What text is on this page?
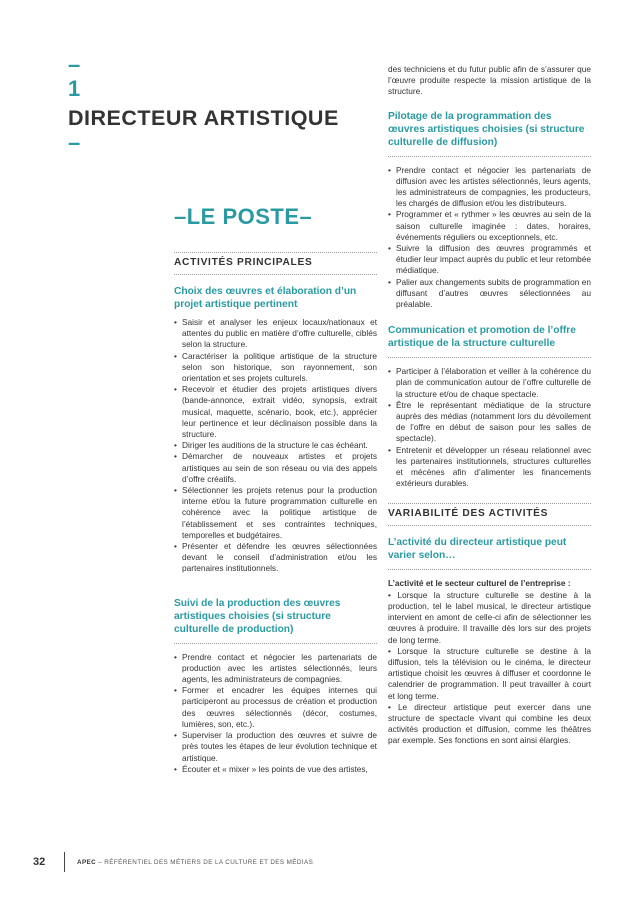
–
1
DIRECTEUR ARTISTIQUE
–
–LE POSTE–
ACTIVITÉS PRINCIPALES
Choix des œuvres et élaboration d’un projet artistique pertinent
• Saisir et analyser les enjeux locaux/nationaux et attentes du public en matière d’offre culturelle, ciblés selon la structure.
• Caractériser la politique artistique de la structure selon son historique, son rayonnement, son orientation et ses projets culturels.
• Recevoir et étudier des projets artistiques divers (bande-annonce, extrait vidéo, synopsis, extrait musical, maquette, scénario, book, etc.), apprécier leur pertinence et leur déclinaison possible dans la structure.
• Diriger les auditions de la structure le cas échéant.
• Démarcher de nouveaux artistes et projets artistiques au sein de son réseau ou via des appels d’offre créatifs.
• Sélectionner les projets retenus pour la production interne et/ou la future programmation culturelle en cohérence avec la politique artistique de l’établissement et ses contraintes techniques, temporelles et budgétaires.
• Présenter et défendre les œuvres sélectionnées devant le conseil d’administration et/ou les partenaires institutionnels.
Suivi de la production des œuvres artistiques choisies (si structure culturelle de production)
• Prendre contact et négocier les partenariats de production avec les artistes sélectionnés, leurs agents, les administrateurs de compagnies.
• Former et encadrer les équipes internes qui participeront au processus de création et production des œuvres sélectionnés (décor, costumes, lumières, son, etc.).
• Superviser la production des œuvres et suivre de près toutes les étapes de leur évolution technique et artistique.
• Écouter et « mixer » les points de vue des artistes,

des techniciens et du futur public afin de s’assurer que l’œuvre produite respecte la mission artistique de la structure.

Pilotage de la programmation des œuvres artistiques choisies (si structure culturelle de diffusion)
• Prendre contact et négocier les partenariats de diffusion avec les artistes sélectionnés, leurs agents, les administrateurs de compagnies, les producteurs, les chargés de diffusion et/ou les distributeurs.
• Programmer et « rythmer » les œuvres au sein de la saison culturelle imaginée : dates, horaires, événements réguliers ou exceptionnels, etc.
• Suivre la diffusion des œuvres programmés et étudier leur impact auprès du public et leur retombée médiatique.
• Palier aux changements subits de programmation en diffusant d’autres œuvres sélectionnées au préalable.
Communication et promotion de l’offre artistique de la structure culturelle
• Participer à l’élaboration et veiller à la cohérence du plan de communication autour de l’offre culturelle de la structure et/ou de chaque spectacle.
• Être le représentant médiatique de la structure auprès des médias (notamment lors du dévoilement de l’offre en début de saison pour les salles de spectacle).
• Entretenir et développer un réseau relationnel avec les partenaires institutionnels, structures culturelles et mécènes afin d’alimenter les financements extérieurs durables.
VARIABILITÉ DES ACTIVITÉS
L’activité du directeur artistique peut varier selon…

L’activité et le secteur culturel de l’entreprise :

• Lorsque la structure culturelle se destine à la production, tel le label musical, le directeur artistique intervient en amont de celle-ci afin de sélectionner les œuvres à produire. Il travaille dès lors sur des projets de long terme.

• Lorsque la structure culturelle se destine à la diffusion, tels la télévision ou le cinéma, le directeur artistique choisit les œuvres à diffuser et coordonne le calendrier de programmation. Il peut travailler à court et long terme.

• Le directeur artistique peut exercer dans une structure de spectacle vivant qui combine les deux activités production et diffusion, comme les théâtres par exemple. Ses fonctions en sont ainsi élargies.

32	APEC – RÉFÉRENTIEL DES MÉTIERS DE LA CULTURE ET DES MÉDIAS
